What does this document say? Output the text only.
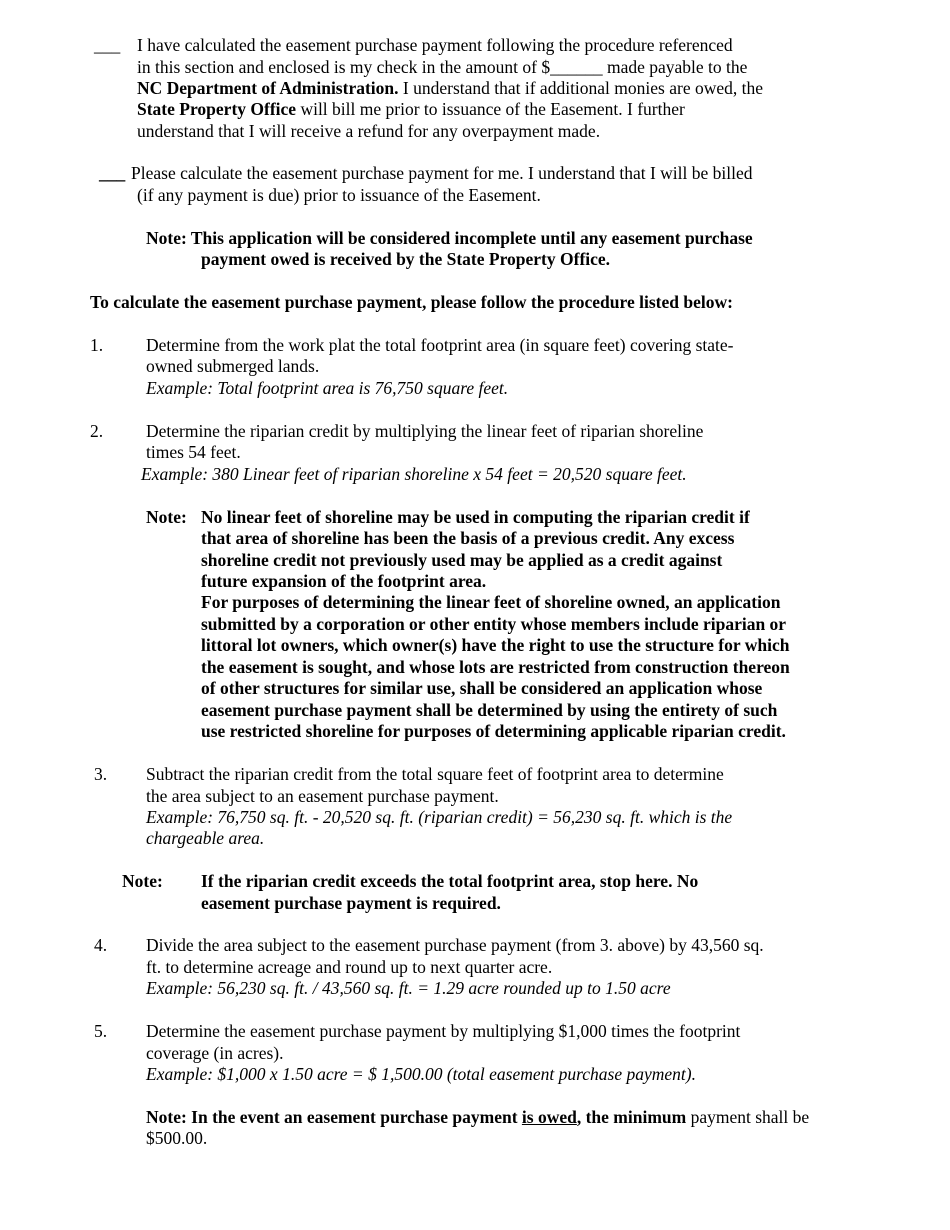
___ I have calculated the easement purchase payment following the procedure referenced
in this section and enclosed is my check in the amount of $______ made payable to the
NC Department of Administration. I understand that if additional monies are owed, the
State Property Office will bill me prior to issuance of the Easement. I further
understand that I will receive a refund for any overpayment made.
___ Please calculate the easement purchase payment for me. I understand that I will be billed
(if any payment is due) prior to issuance of the Easement.
Note: This application will be considered incomplete until any easement purchase
payment owed is received by the State Property Office.
To calculate the easement purchase payment, please follow the procedure listed below:
1. Determine from the work plat the total footprint area (in square feet) covering state-
owned submerged lands.
Example: Total footprint area is 76,750 square feet.
2. Determine the riparian credit by multiplying the linear feet of riparian shoreline
times 54 feet.
Example: 380 Linear feet of riparian shoreline x 54 feet = 20,520 square feet.
Note: No linear feet of shoreline may be used in computing the riparian credit if
that area of shoreline has been the basis of a previous credit. Any excess
shoreline credit not previously used may be applied as a credit against
future expansion of the footprint area.
For purposes of determining the linear feet of shoreline owned, an application
submitted by a corporation or other entity whose members include riparian or
littoral lot owners, which owner(s) have the right to use the structure for which
the easement is sought, and whose lots are restricted from construction thereon
of other structures for similar use, shall be considered an application whose
easement purchase payment shall be determined by using the entirety of such
use restricted shoreline for purposes of determining applicable riparian credit.
3. Subtract the riparian credit from the total square feet of footprint area to determine
the area subject to an easement purchase payment.
Example: 76,750 sq. ft. - 20,520 sq. ft. (riparian credit) = 56,230 sq. ft. which is the
chargeable area.
Note: If the riparian credit exceeds the total footprint area, stop here. No
easement purchase payment is required.
4. Divide the area subject to the easement purchase payment (from 3. above) by 43,560 sq.
ft. to determine acreage and round up to next quarter acre.
Example: 56,230 sq. ft. / 43,560 sq. ft. = 1.29 acre rounded up to 1.50 acre
5. Determine the easement purchase payment by multiplying $1,000 times the footprint
coverage (in acres).
Example: $1,000 x 1.50 acre = $ 1,500.00 (total easement purchase payment).
Note: In the event an easement purchase payment is owed, the minimum payment shall be
$500.00.
